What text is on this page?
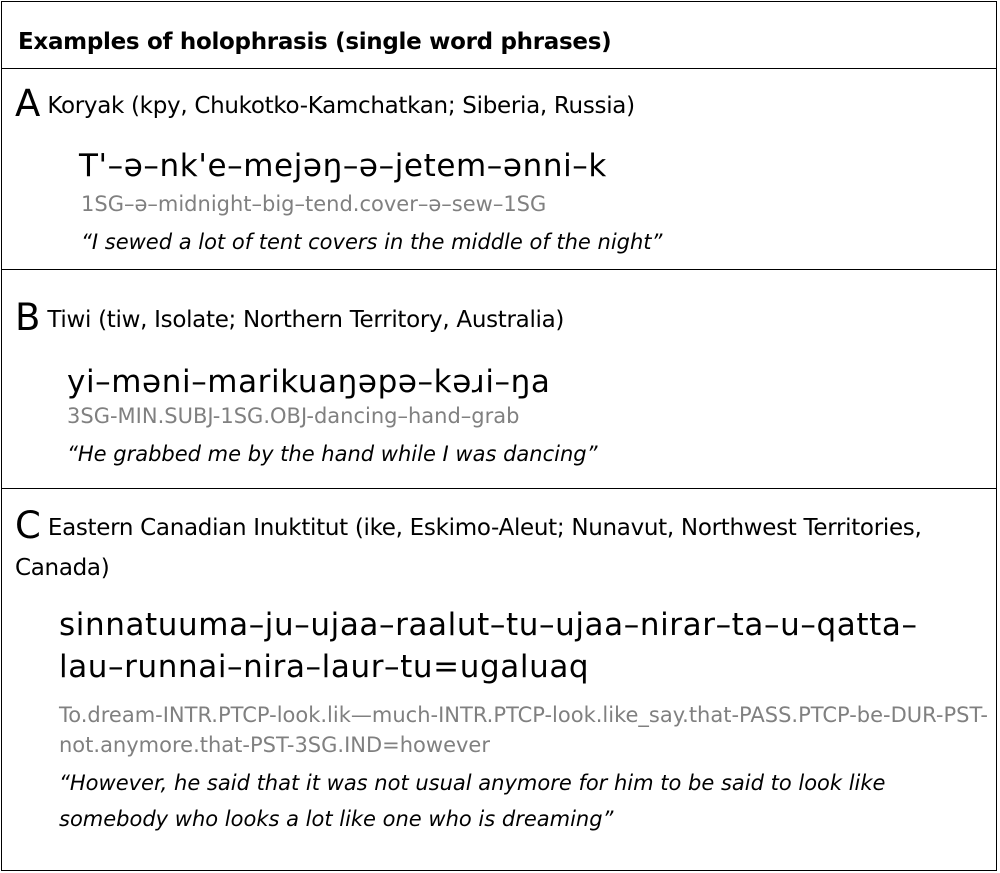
Examples of holophrasis (single word phrases)
A Koryak (kpy, Chukotko-Kamchatkan; Siberia, Russia)
T'–ə–nk'e–mejəŋ–ə–jetem–ənni–k
1SG–ə–midnight–big–tend.cover–ə–sew–1SG
“I sewed a lot of tent covers in the middle of the night”
B Tiwi (tiw, Isolate; Northern Territory, Australia)
yi–məni–marikuaŋəpə–kəɹi–ŋa
3SG-MIN.SUBJ-1SG.OBJ-dancing–hand–grab
“He grabbed me by the hand while I was dancing”
C Eastern Canadian Inuktitut (ike, Eskimo-Aleut; Nunavut, Northwest Territories, Canada)
sinnatuuma–ju–ujaa–raalut–tu–ujaa–nirar–ta–u–qatta–lau–runnai–nira–laur–tu=ugaluaq
To.dream-INTR.PTCP-look.lik—much-INTR.PTCP-look.like_say.that-PASS.PTCP-be-DUR-PST-not.anymore.that-PST-3SG.IND=however
“However, he said that it was not usual anymore for him to be said to look like somebody who looks a lot like one who is dreaming”
